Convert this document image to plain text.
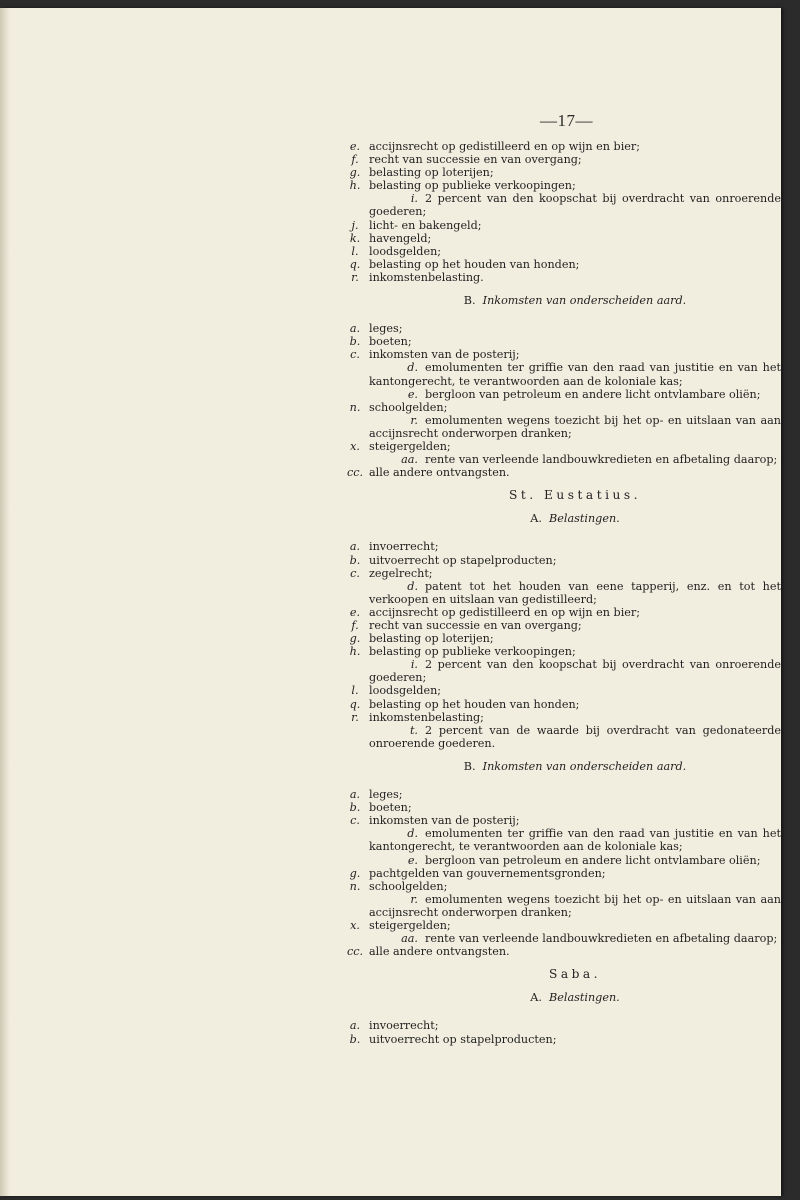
—17—

e. accijnsrecht op gedistilleerd en op wijn en bier;

f. recht van successie en van overgang;

g. belasting op loterijen;

h. belasting op publieke verkoopingen;

i. 2 percent van den koopschat bij overdracht van onroerende goederen;

j. licht- en bakengeld;

k. havengeld;

l. loodsgelden;

q. belasting op het houden van honden;

r. inkomstenbelasting.

B. Inkomsten van onderscheiden aard.

a. leges;

b. boeten;

c. inkomsten van de posterij;

d. emolumenten ter griffie van den raad van justitie en van het kantongerecht, te verantwoorden aan de koloniale kas;

e. bergloon van petroleum en andere licht ontvlambare oliën;

n. schoolgelden;

r. emolumenten wegens toezicht bij het op- en uitslaan van aan accijnsrecht onderworpen dranken;

x. steigergelden;

aa. rente van verleende landbouwkredieten en afbetaling daarop;

cc. alle andere ontvangsten.

St. Eustatius.

A. Belastingen.

a. invoerrecht;

b. uitvoerrecht op stapelproducten;

c. zegelrecht;

d. patent tot het houden van eene tapperij, enz. en tot het verkoopen en uitslaan van gedistilleerd;

e. accijnsrecht op gedistilleerd en op wijn en bier;

f. recht van successie en van overgang;

g. belasting op loterijen;

h. belasting op publieke verkoopingen;

i. 2 percent van den koopschat bij overdracht van onroerende goederen;

l. loodsgelden;

q. belasting op het houden van honden;

r. inkomstenbelasting;

t. 2 percent van de waarde bij overdracht van gedonateerde onroerende goederen.

B. Inkomsten van onderscheiden aard.

a. leges;

b. boeten;

c. inkomsten van de posterij;

d. emolumenten ter griffie van den raad van justitie en van het kantongerecht, te verantwoorden aan de koloniale kas;

e. bergloon van petroleum en andere licht ontvlambare oliën;

g. pachtgelden van gouvernementsgronden;

n. schoolgelden;

r. emolumenten wegens toezicht bij het op- en uitslaan van aan accijnsrecht onderworpen dranken;

x. steigergelden;

aa. rente van verleende landbouwkredieten en afbetaling daarop;

cc. alle andere ontvangsten.

Saba.

A. Belastingen.

a. invoerrecht;

b. uitvoerrecht op stapelproducten;
